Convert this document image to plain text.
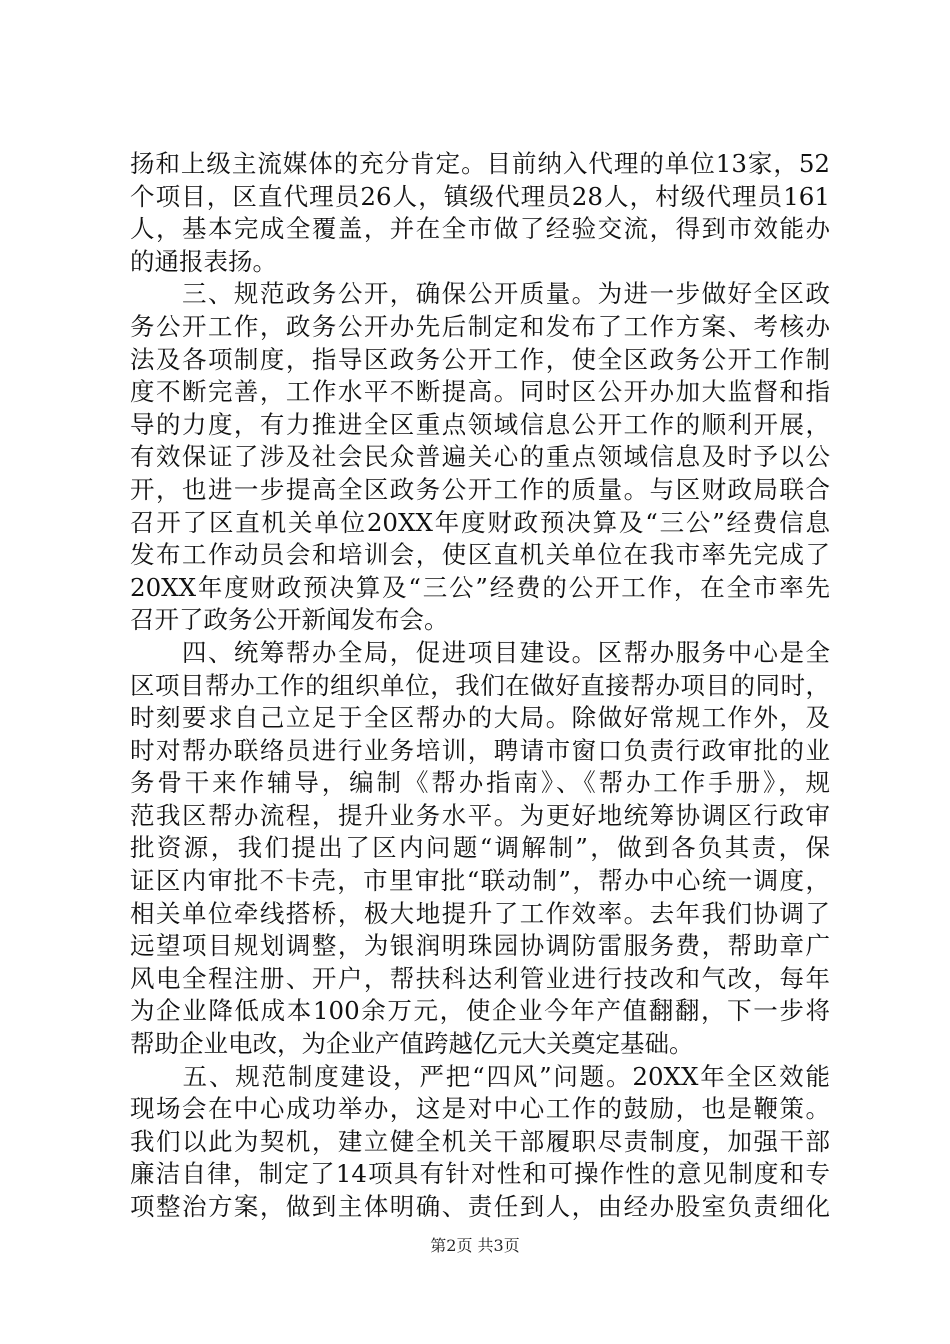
扬和上级主流媒体的充分肯定。目前纳入代理的单位13家，52
个项目，区直代理员26人，镇级代理员28人，村级代理员161
人，基本完成全覆盖，并在全市做了经验交流，得到市效能办
的通报表扬。
　　三、规范政务公开，确保公开质量。为进一步做好全区政
务公开工作，政务公开办先后制定和发布了工作方案、考核办
法及各项制度，指导区政务公开工作，使全区政务公开工作制
度不断完善，工作水平不断提高。同时区公开办加大监督和指
导的力度，有力推进全区重点领域信息公开工作的顺利开展，
有效保证了涉及社会民众普遍关心的重点领域信息及时予以公
开，也进一步提高全区政务公开工作的质量。与区财政局联合
召开了区直机关单位20XX年度财政预决算及“三公”经费信息
发布工作动员会和培训会，使区直机关单位在我市率先完成了
20XX年度财政预决算及“三公”经费的公开工作，在全市率先
召开了政务公开新闻发布会。
　　四、统筹帮办全局，促进项目建设。区帮办服务中心是全
区项目帮办工作的组织单位，我们在做好直接帮办项目的同时，
时刻要求自己立足于全区帮办的大局。除做好常规工作外，及
时对帮办联络员进行业务培训，聘请市窗口负责行政审批的业
务骨干来作辅导，编制《帮办指南》、《帮办工作手册》，规
范我区帮办流程，提升业务水平。为更好地统筹协调区行政审
批资源，我们提出了区内问题“调解制”，做到各负其责，保
证区内审批不卡壳，市里审批“联动制”，帮办中心统一调度，
相关单位牵线搭桥，极大地提升了工作效率。去年我们协调了
远望项目规划调整，为银润明珠园协调防雷服务费，帮助章广
风电全程注册、开户，帮扶科达利管业进行技改和气改，每年
为企业降低成本100余万元，使企业今年产值翻翻，下一步将
帮助企业电改，为企业产值跨越亿元大关奠定基础。
　　五、规范制度建设，严把“四风”问题。20XX年全区效能
现场会在中心成功举办，这是对中心工作的鼓励，也是鞭策。
我们以此为契机，建立健全机关干部履职尽责制度，加强干部
廉洁自律，制定了14项具有针对性和可操作性的意见制度和专
项整治方案，做到主体明确、责任到人，由经办股室负责细化
第2页 共3页
